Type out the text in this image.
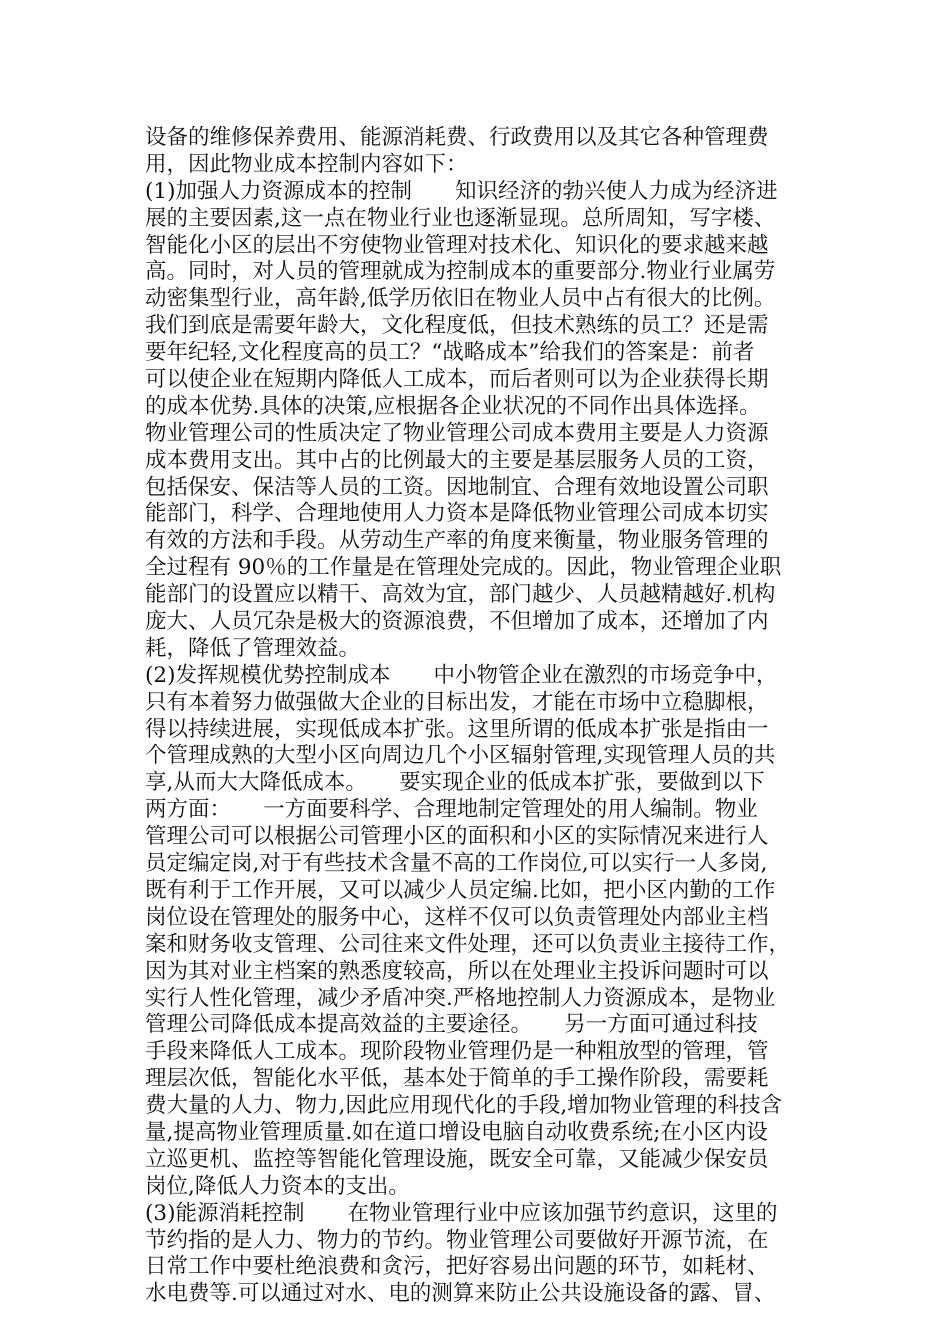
设备的维修保养费用、能源消耗费、行政费用以及其它各种管理费
用，因此物业成本控制内容如下：
(1)加强人力资源成本的控制　　知识经济的勃兴使人力成为经济进
展的主要因素,这一点在物业行业也逐渐显现。总所周知，写字楼、
智能化小区的层出不穷使物业管理对技术化、知识化的要求越来越
高。同时，对人员的管理就成为控制成本的重要部分.物业行业属劳
动密集型行业，高年龄,低学历依旧在物业人员中占有很大的比例。
我们到底是需要年龄大，文化程度低，但技术熟练的员工？还是需
要年纪轻,文化程度高的员工？“战略成本”给我们的答案是：前者
可以使企业在短期内降低人工成本，而后者则可以为企业获得长期
的成本优势.具体的决策,应根据各企业状况的不同作出具体选择。
物业管理公司的性质决定了物业管理公司成本费用主要是人力资源
成本费用支出。其中占的比例最大的主要是基层服务人员的工资，
包括保安、保洁等人员的工资。因地制宜、合理有效地设置公司职
能部门，科学、合理地使用人力资本是降低物业管理公司成本切实
有效的方法和手段。从劳动生产率的角度来衡量，物业服务管理的
全过程有 90％的工作量是在管理处完成的。因此，物业管理企业职
能部门的设置应以精干、高效为宜，部门越少、人员越精越好.机构
庞大、人员冗杂是极大的资源浪费，不但增加了成本，还增加了内
耗，降低了管理效益。
(2)发挥规模优势控制成本　　中小物管企业在激烈的市场竞争中，
只有本着努力做强做大企业的目标出发，才能在市场中立稳脚根，
得以持续进展，实现低成本扩张。这里所谓的低成本扩张是指由一
个管理成熟的大型小区向周边几个小区辐射管理,实现管理人员的共
享,从而大大降低成本。　　要实现企业的低成本扩张，要做到以下
两方面：　　一方面要科学、合理地制定管理处的用人编制。物业
管理公司可以根据公司管理小区的面积和小区的实际情况来进行人
员定编定岗,对于有些技术含量不高的工作岗位,可以实行一人多岗,
既有利于工作开展，又可以减少人员定编.比如，把小区内勤的工作
岗位设在管理处的服务中心，这样不仅可以负责管理处内部业主档
案和财务收支管理、公司往来文件处理，还可以负责业主接待工作，
因为其对业主档案的熟悉度较高，所以在处理业主投诉问题时可以
实行人性化管理，减少矛盾冲突.严格地控制人力资源成本，是物业
管理公司降低成本提高效益的主要途径。　　另一方面可通过科技
手段来降低人工成本。现阶段物业管理仍是一种粗放型的管理，管
理层次低，智能化水平低，基本处于简单的手工操作阶段，需要耗
费大量的人力、物力,因此应用现代化的手段,增加物业管理的科技含
量,提高物业管理质量.如在道口增设电脑自动收费系统;在小区内设
立巡更机、监控等智能化管理设施，既安全可靠，又能减少保安员
岗位,降低人力资本的支出。
(3)能源消耗控制　　在物业管理行业中应该加强节约意识，这里的
节约指的是人力、物力的节约。物业管理公司要做好开源节流，在
日常工作中要杜绝浪费和贪污，把好容易出问题的环节，如耗材、
水电费等.可以通过对水、电的测算来防止公共设施设备的露、冒、
